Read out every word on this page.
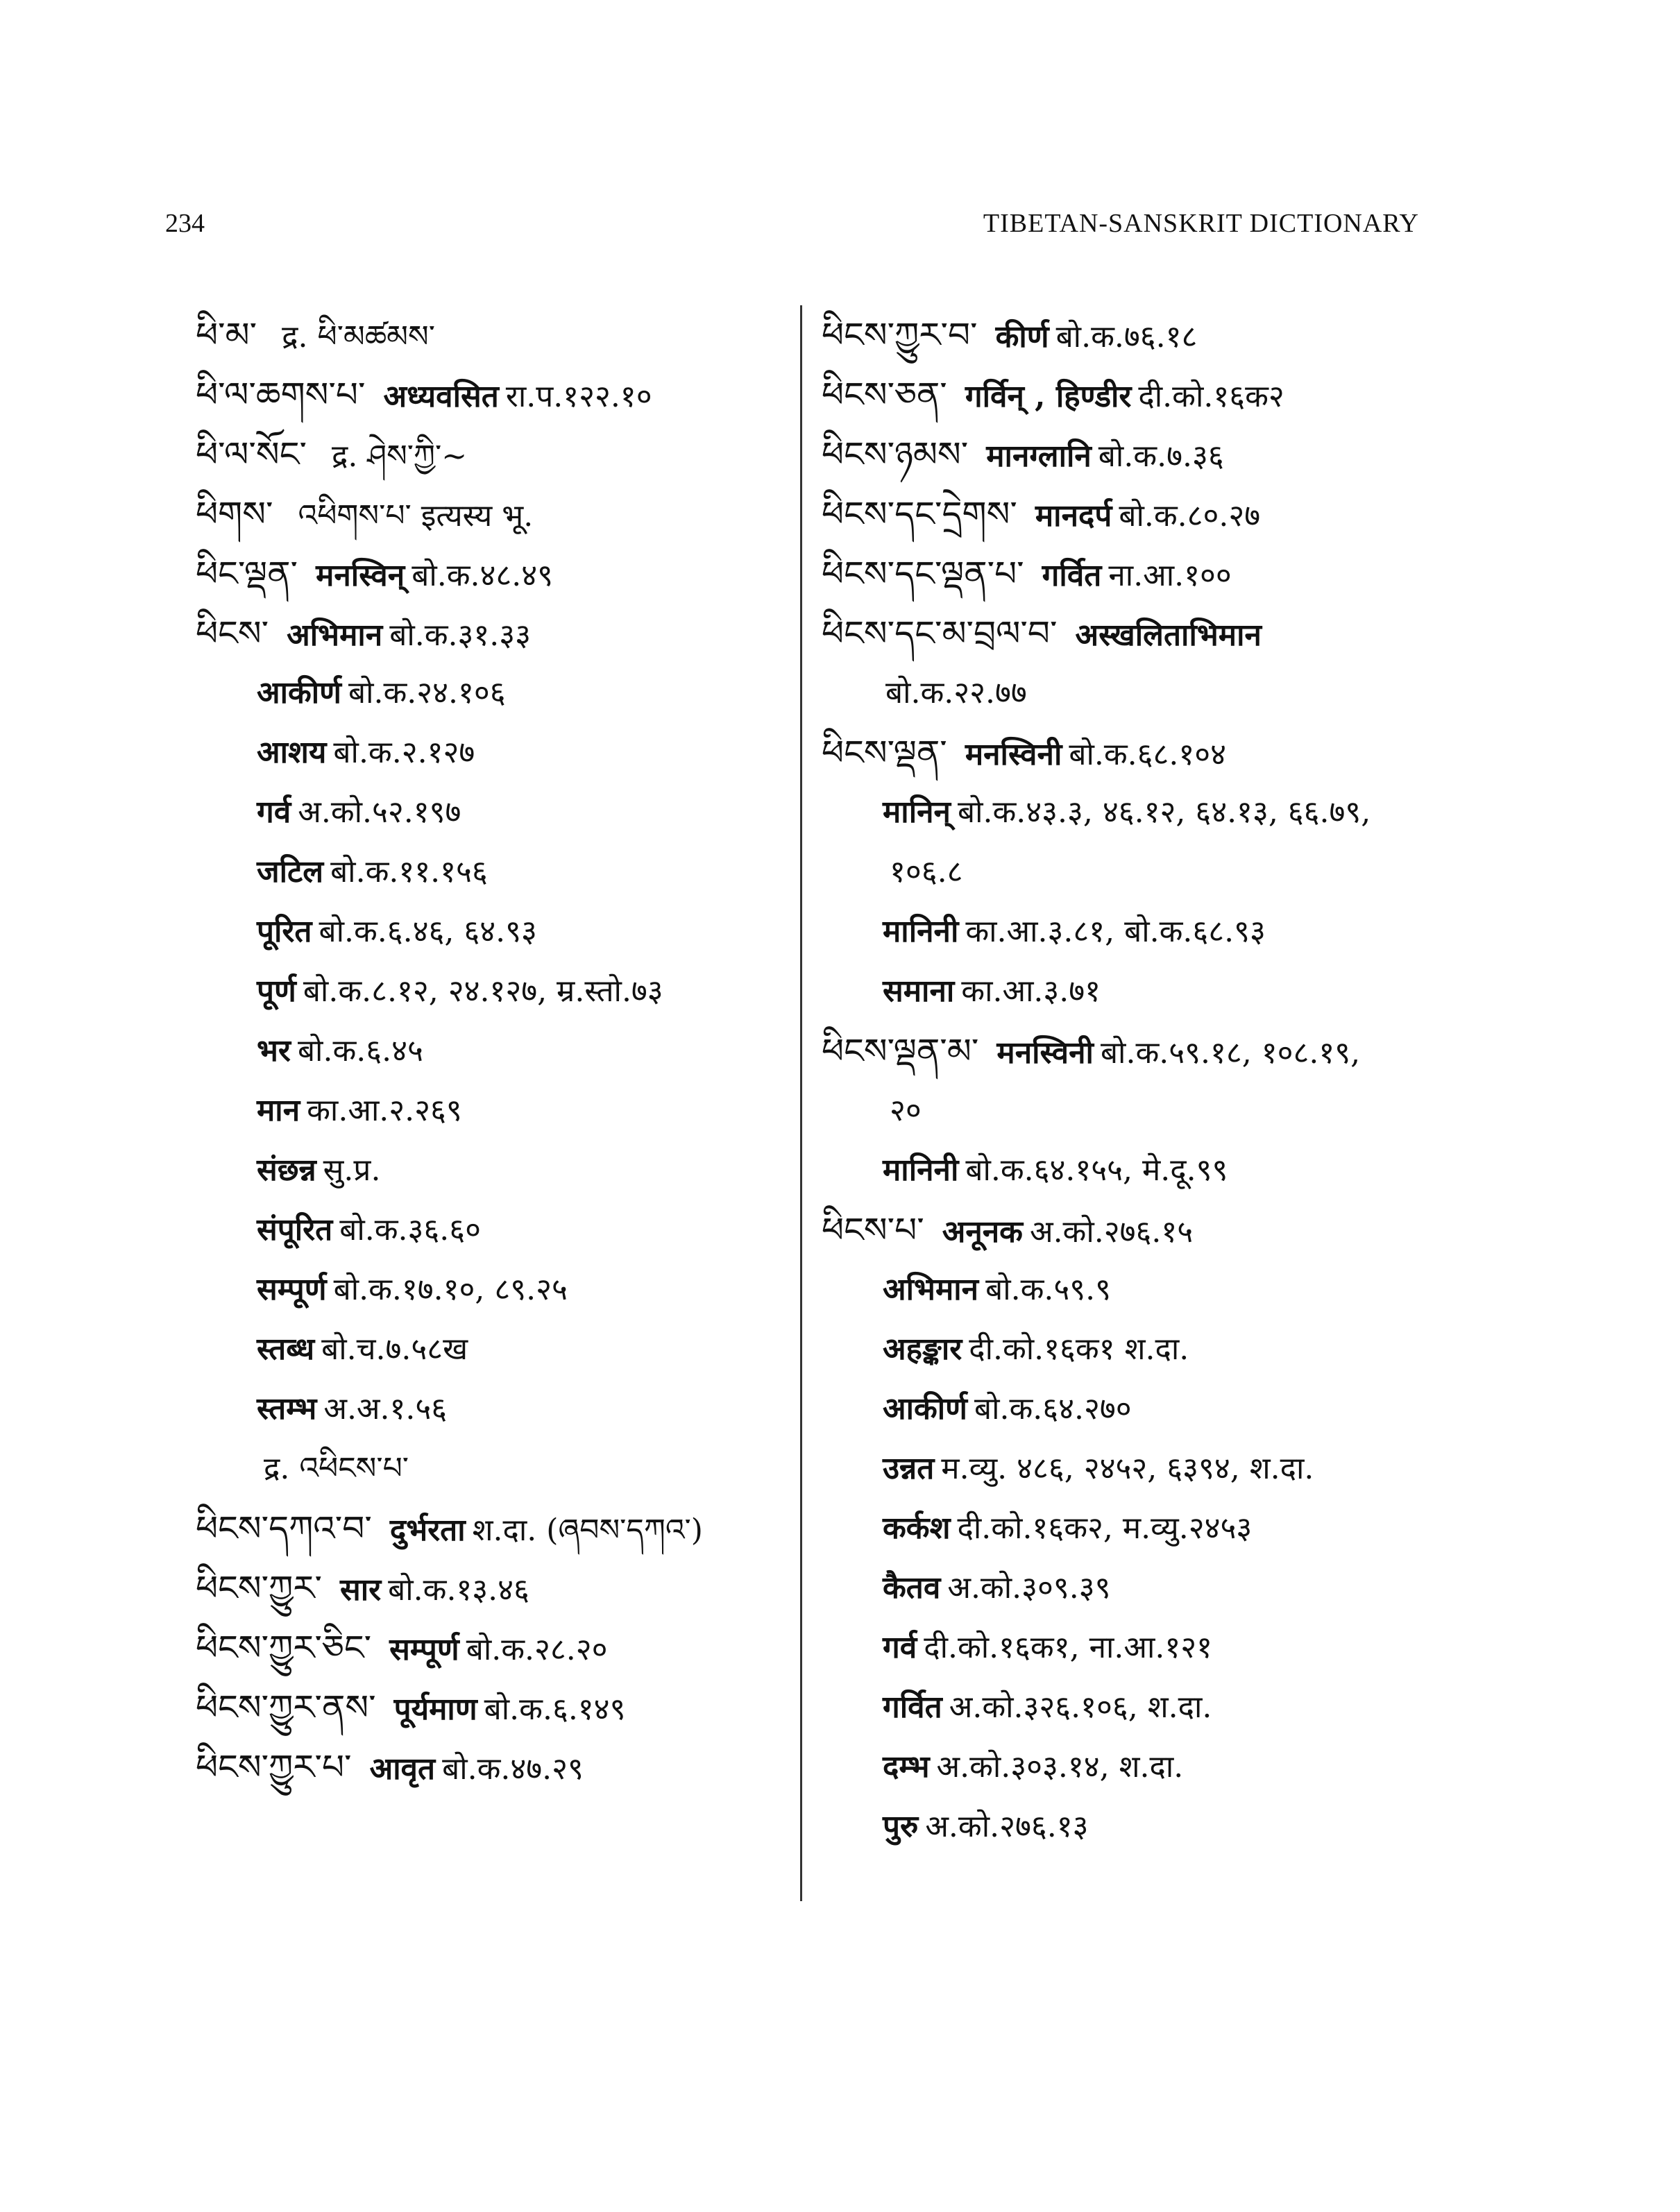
234	TIBETAN-SANSKRIT DICTIONARY
ཕི་མ་ द्र. ཕི་མཚམས་
ཕི་ལ་ཆགས་པ་ अध्यवसित रा.प.१२२.१०
ཕི་ལ་སོང་ द्र. ཤེས་ཀྱི་~
ཕིགས་ འཕིགས་པ་ इत्यस्य भू.
ཕིང་ལྡན་ मनस्विन् बो.क.४८.४९
ཕིངས་ अभिमान बो.क.३१.३३
आकीर्ण बो.क.२४.१०६
आशय बो.क.२.१२७
गर्व अ.को.५२.१९७
जटिल बो.क.११.१५६
पूरित बो.क.६.४६, ६४.९३
पूर्ण बो.क.८.१२, २४.१२७, म्र.स्तो.७३
भर बो.क.६.४५
मान का.आ.२.२६९
संछन्न सु.प्र.
संपूरित बो.क.३६.६०
सम्पूर्ण बो.क.१७.१०, ८९.२५
स्तब्ध बो.च.७.५८ख
स्तम्भ अ.अ.१.५६
द्र. འཕིངས་པ་
ཕིངས་དཀའ་བ་ दुर्भरता श.दा. (ཞབས་དཀའ་)
ཕིངས་ཀྱུར་ सार बो.क.१३.४६
ཕིངས་ཀྱུར་ཅིང་ सम्पूर्ण बो.क.२८.२०
ཕིངས་ཀྱུར་ནས་ पूर्यमाण बो.क.६.१४९
ཕིངས་ཀྱུར་པ་ आवृत बो.क.४७.२९
ཕིངས་ཀྱུར་བ་ कीर्ण बो.क.७६.१८
ཕིངས་ཅན་ गर्विन् , हिण्डीर दी.को.१६क२
ཕིངས་ཉམས་ मानग्लानि बो.क.७.३६
ཕིངས་དང་དྲེགས་ मानदर्प बो.क.८०.२७
ཕིངས་དང་ལྡན་པ་ गर्वित ना.आ.१००
ཕིངས་དང་མ་བྲལ་བ་ अस्खलिताभिमान
बो.क.२२.७७
ཕིངས་ལྡན་ मनस्विनी बो.क.६८.१०४
मानिन् बो.क.४३.३, ४६.१२, ६४.१३, ६६.७९,
१०६.८
मानिनी का.आ.३.८१, बो.क.६८.९३
समाना का.आ.३.७१
ཕིངས་ལྡན་མ་ मनस्विनी बो.क.५९.१८, १०८.१९,
२०
मानिनी बो.क.६४.१५५, मे.दू.९९
ཕིངས་པ་ अनूनक अ.को.२७६.१५
अभिमान बो.क.५९.९
अहङ्कार दी.को.१६क१ श.दा.
आकीर्ण बो.क.६४.२७०
उन्नत म.व्यु. ४८६, २४५२, ६३९४, श.दा.
कर्कश दी.को.१६क२, म.व्यु.२४५३
कैतव अ.को.३०९.३९
गर्व दी.को.१६क१, ना.आ.१२१
गर्वित अ.को.३२६.१०६, श.दा.
दम्भ अ.को.३०३.१४, श.दा.
पुरु अ.को.२७६.१३
